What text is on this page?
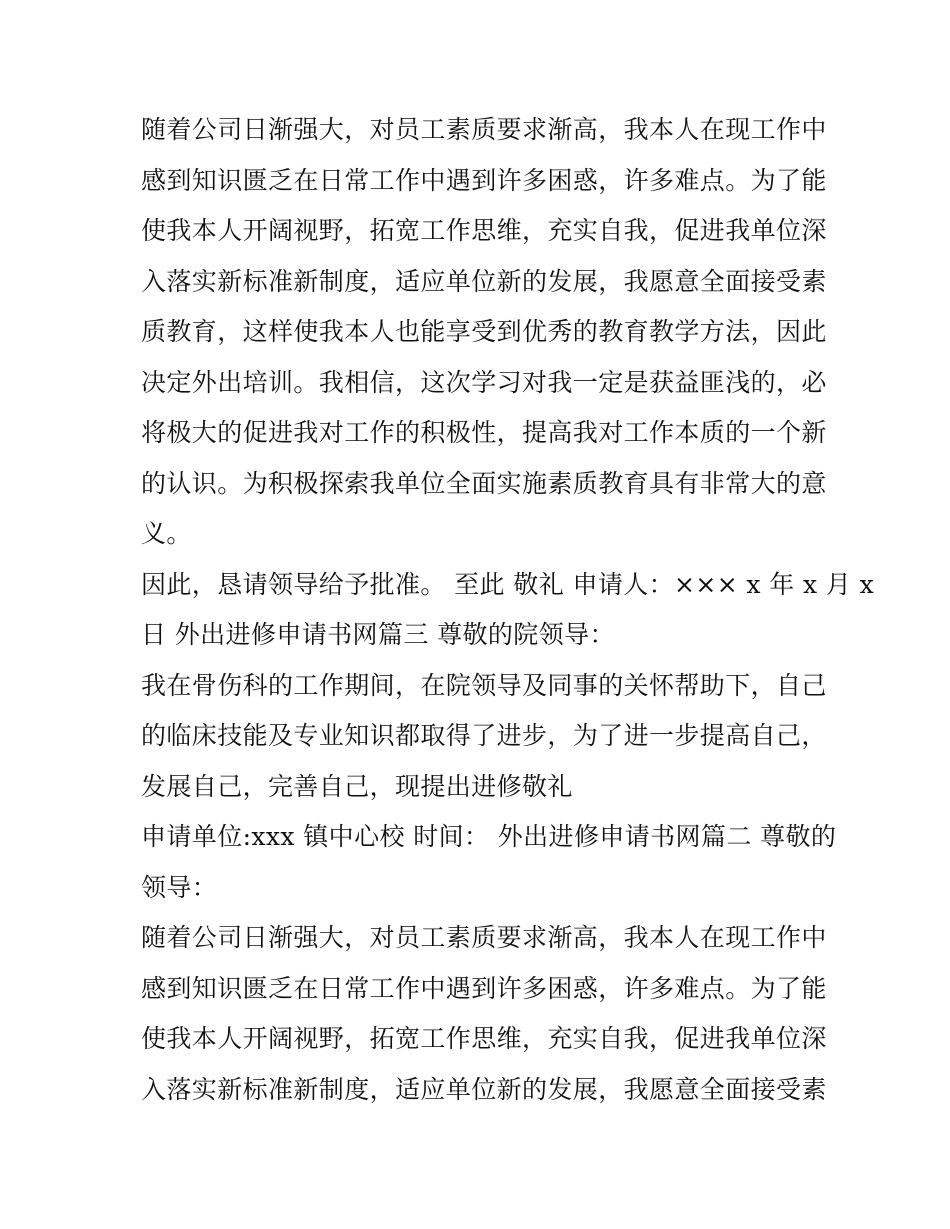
随着公司日渐强大，对员工素质要求渐高，我本人在现工作中
感到知识匮乏在日常工作中遇到许多困惑，许多难点。为了能
使我本人开阔视野，拓宽工作思维，充实自我，促进我单位深
入落实新标准新制度，适应单位新的发展，我愿意全面接受素
质教育，这样使我本人也能享受到优秀的教育教学方法，因此
决定外出培训。我相信，这次学习对我一定是获益匪浅的，必
将极大的促进我对工作的积极性，提高我对工作本质的一个新
的认识。为积极探索我单位全面实施素质教育具有非常大的意
义。
因此，恳请领导给予批准。 至此 敬礼 申请人：××× x 年 x 月 x
日 外出进修申请书网篇三 尊敬的院领导：
我在骨伤科的工作期间，在院领导及同事的关怀帮助下，自己
的临床技能及专业知识都取得了进步，为了进一步提高自己，
发展自己，完善自己，现提出进修敬礼
申请单位:xxx 镇中心校 时间： 外出进修申请书网篇二 尊敬的
领导：
随着公司日渐强大，对员工素质要求渐高，我本人在现工作中
感到知识匮乏在日常工作中遇到许多困惑，许多难点。为了能
使我本人开阔视野，拓宽工作思维，充实自我，促进我单位深
入落实新标准新制度，适应单位新的发展，我愿意全面接受素
